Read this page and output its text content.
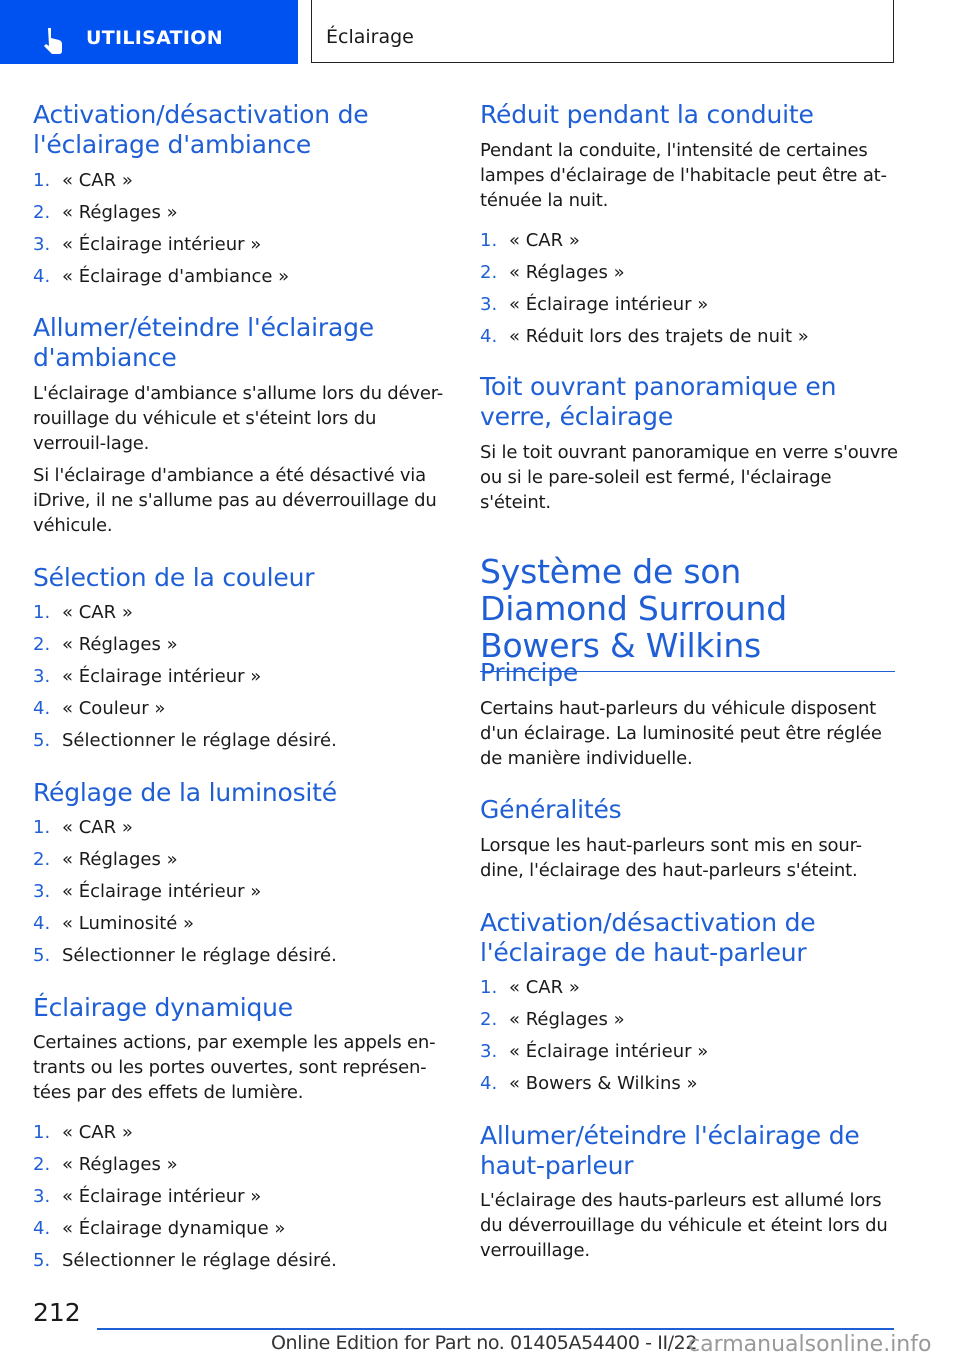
UTILISATION	Éclairage
Activation/désactivation de l'éclairage d'ambiance
1. « CAR »
2. « Réglages »
3. « Éclairage intérieur »
4. « Éclairage d'ambiance »
Allumer/éteindre l'éclairage d'ambiance

L'éclairage d'ambiance s'allume lors du déver-rouillage du véhicule et s'éteint lors du verrouil-lage.

Si l'éclairage d'ambiance a été désactivé via iDrive, il ne s'allume pas au déverrouillage du véhicule.

Sélection de la couleur
1. « CAR »
2. « Réglages »
3. « Éclairage intérieur »
4. « Couleur »
5. Sélectionner le réglage désiré.
Réglage de la luminosité
1. « CAR »
2. « Réglages »
3. « Éclairage intérieur »
4. « Luminosité »
5. Sélectionner le réglage désiré.
Éclairage dynamique

Certaines actions, par exemple les appels en-trants ou les portes ouvertes, sont représen-tées par des effets de lumière.

1. « CAR »
2. « Réglages »
3. « Éclairage intérieur »
4. « Éclairage dynamique »
5. Sélectionner le réglage désiré.
Réduit pendant la conduite

Pendant la conduite, l'intensité de certaines lampes d'éclairage de l'habitacle peut être at-ténuée la nuit.

1. « CAR »
2. « Réglages »
3. « Éclairage intérieur »
4. « Réduit lors des trajets de nuit »
Toit ouvrant panoramique en verre, éclairage

Si le toit ouvrant panoramique en verre s'ouvre ou si le pare-soleil est fermé, l'éclairage s'éteint.

Système de son Diamond Surround Bowers & Wilkins
Principe

Certains haut-parleurs du véhicule disposent d'un éclairage. La luminosité peut être réglée de manière individuelle.

Généralités

Lorsque les haut-parleurs sont mis en sour-dine, l'éclairage des haut-parleurs s'éteint.

Activation/désactivation de l'éclairage de haut-parleur
1. « CAR »
2. « Réglages »
3. « Éclairage intérieur »
4. « Bowers & Wilkins »
Allumer/éteindre l'éclairage de haut-parleur

L'éclairage des hauts-parleurs est allumé lors du déverrouillage du véhicule et éteint lors du verrouillage.

212
Online Edition for Part no. 01405A54400 - II/22
carmanualsonline.info
